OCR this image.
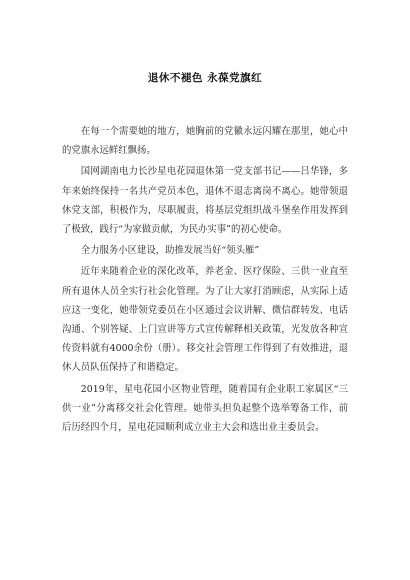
退休不褪色 永葆党旗红

在每一个需要她的地方，她胸前的党徽永远闪耀在那里，她心中的党旗永远鲜红飘扬。

国网湖南电力长沙星电花园退休第一党支部书记——吕华锋，多年来始终保持一名共产党员本色，退休不退志离岗不离心。她带领退休党支部，积极作为，尽职履责，将基层党组织战斗堡垒作用发挥到了极致，践行“为家做贡献，为民办实事”的初心使命。

全力服务小区建设，助推发展当好“领头雁”

近年来随着企业的深化改革，养老金、医疗保险、三供一业直至所有退休人员全实行社会化管理。为了让大家打消顾虑，从实际上适应这一变化，她带领党委员在小区通过会议讲解、微信群转发、电话沟通、个别答疑、上门宣讲等方式宣传解释相关政策，光发放各种宣传资料就有4000余份（册）。移交社会管理工作得到了有效推进，退休人员队伍保持了和谐稳定。

2019年，星电花园小区物业管理，随着国有企业职工家属区“三供一业”分离移交社会化管理。她带头担负起整个选举筹备工作，前后历经四个月，星电花园顺利成立业主大会和选出业主委员会。
